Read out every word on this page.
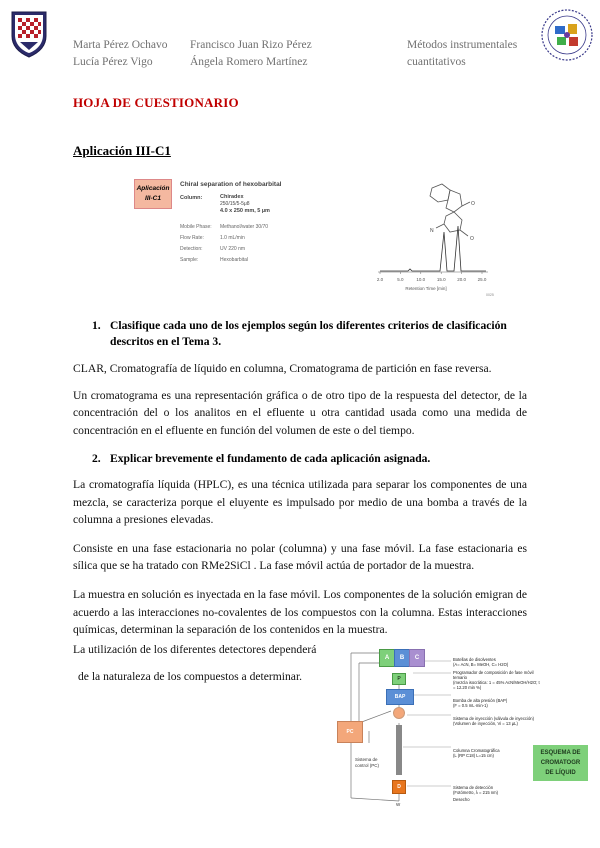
Marta Pérez Ochavo
Lucía Pérez Vigo
Francisco Juan Rizo Pérez
Ángela Romero Martínez
Métodos instrumentales
cuantitativos
HOJA DE CUESTIONARIO
Aplicación III-C1
Aplicación
III-C1
Chiral separation of hexobarbital
Column:	Chiradex
250/15/5-5μ8
4.0 x 250 mm, 5 µm
Mobile Phase: Methanol/water 30/70
Flow Rate:	1.0 mL/min
Detection:	UV 220 nm
Sample:	Hexobarbital
O
O
N
2.0	5.0	10.0	15.0	20.0	25.0
Retention Time [min]
0025
1. Clasifique cada uno de los ejemplos según los diferentes criterios de clasificación
descritos en el Tema 3.

CLAR, Cromatografía de líquido en columna, Cromatograma de partición en fase reversa.

Un cromatograma es una representación gráfica o de otro tipo de la respuesta del detector, de la concentración del o los analitos en el efluente u otra cantidad usada como una medida de concentración en el efluente en función del volumen de este o del tiempo.

2. Explicar brevemente el fundamento de cada aplicación asignada.

La cromatografía líquida (HPLC), es una técnica utilizada para separar los componentes de una mezcla, se caracteriza porque el eluyente es impulsado por medio de una bomba a través de la columna a presiones elevadas.

Consiste en una fase estacionaria no polar (columna) y una fase móvil. La fase estacionaria es sílica que se ha tratado con RMe2SiCl . La fase móvil actúa de portador de la muestra.

La muestra en solución es inyectada en la fase móvil. Los componentes de la solución emigran de acuerdo a las interacciones no-covalentes de los compuestos con la columna. Estas interacciones químicas, determinan la separación de los contenidos en la muestra.

La utilización de los diferentes detectores dependerá
de la naturaleza de los compuestos a determinar.
A	B	C
P
BAP
PC
Sistema de
control (PC)
D
W
Botellas de disolventes
(A= AcN, B= MeOH, C= H2O)
Programador de composición de fase móvil temario
(mezcla isocrática: 1 = 45% AcN/MeOH/H2O; t = 12.20 min %)
Bomba de alta presión (BAP)
(F = 0.5 mL·min-1)
Sistema de inyección (válvula de inyección)
(Volumen de inyección, Vi = 13 µL)
Columna Cromatográfica
(L (RP C18) L=15 cm)
Sistema de detección
(Fotómetro, λ = 215 nm)
Desecho
ESQUEMA DE
CROMATOGR
DE LÍQUID
